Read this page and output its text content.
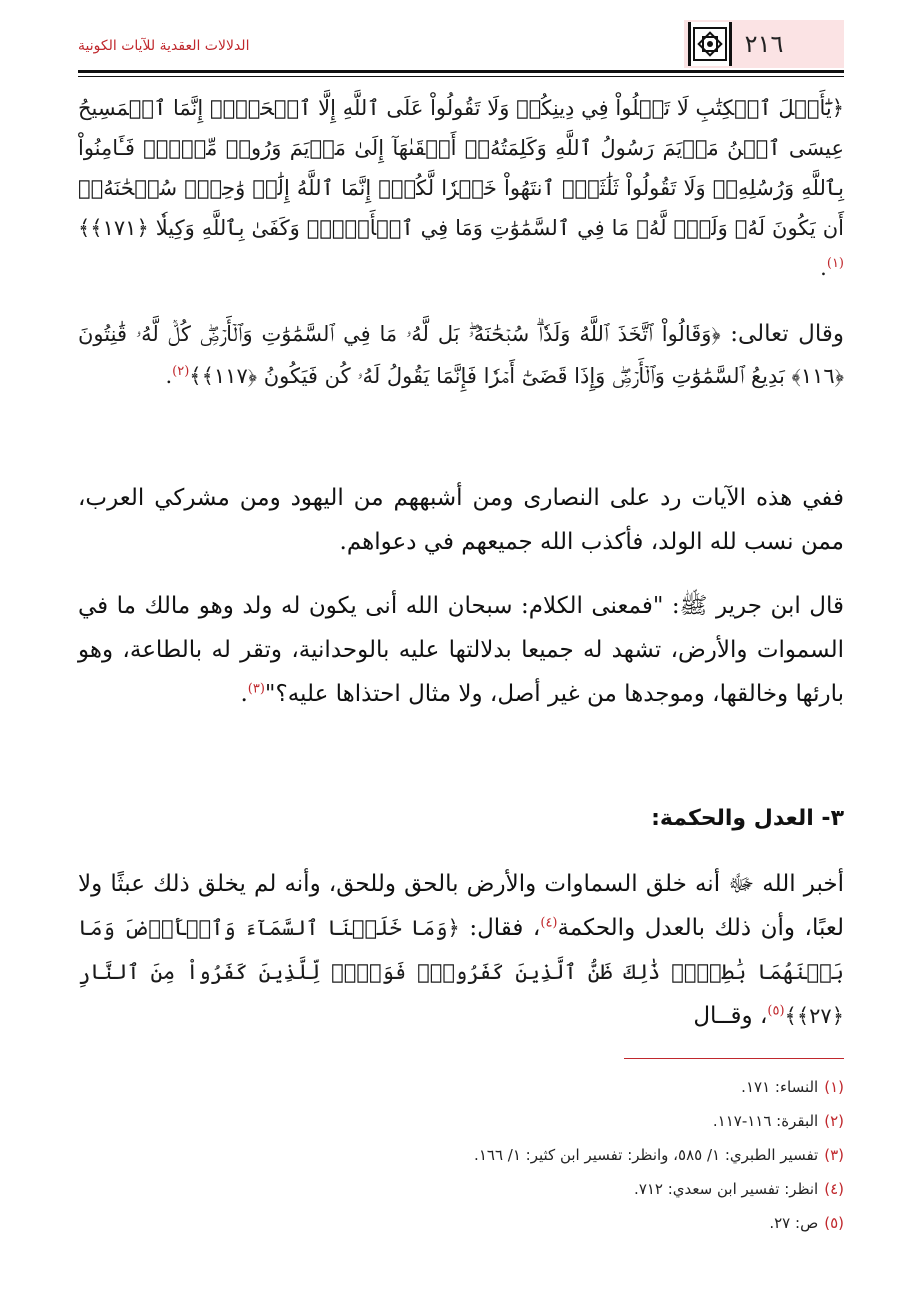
٢١٦
الدلالات العقدية للآيات الكونية
﴿يَٰٓأَهۡلَ ٱلۡكِتَٰبِ لَا تَغۡلُواْ فِي دِينِكُمۡ وَلَا تَقُولُواْ عَلَى ٱللَّهِ إِلَّا ٱلۡحَقَّۚ إِنَّمَا ٱلۡمَسِيحُ عِيسَى ٱبۡنُ مَرۡيَمَ رَسُولُ ٱللَّهِ وَكَلِمَتُهُۥٓ أَلۡقَىٰهَآ إِلَىٰ مَرۡيَمَ وَرُوحٞ مِّنۡهُۖ فَـَٔامِنُواْ بِٱللَّهِ وَرُسُلِهِۦۖ وَلَا تَقُولُواْ ثَلَٰثَةٌۚ ٱنتَهُواْ خَيۡرٗا لَّكُمۡۚ إِنَّمَا ٱللَّهُ إِلَٰهٞ وَٰحِدٞۖ سُبۡحَٰنَهُۥٓ أَن يَكُونَ لَهُۥ وَلَدٞۘ لَّهُۥ مَا فِي ٱلسَّمَٰوَٰتِ وَمَا فِي ٱلۡأَرۡضِۗ وَكَفَىٰ بِٱللَّهِ وَكِيلٗا ﴿١٧١﴾﴾$^{(١)}$.
وقال تعالى: ﴿وَقَالُواْ ٱتَّخَذَ ٱللَّهُ وَلَدٗاۗ سُبۡحَٰنَهُۥۖ بَل لَّهُۥ مَا فِي ٱلسَّمَٰوَٰتِ وَٱلۡأَرۡضِۖ كُلّٞ لَّهُۥ قَٰنِتُونَ ﴿١١٦﴾ بَدِيعُ ٱلسَّمَٰوَٰتِ وَٱلۡأَرۡضِۖ وَإِذَا قَضَىٰٓ أَمۡرٗا فَإِنَّمَا يَقُولُ لَهُۥ كُن فَيَكُونُ ﴿١١٧﴾﴾$^{(٢)}$.
ففي هذه الآيات رد على النصارى ومن أشبههم من اليهود ومن مشركي العرب، ممن نسب لله الولد، فأكذب الله جميعهم في دعواهم.
قال ابن جرير ﷺ: "فمعنى الكلام: سبحان الله أنى يكون له ولد وهو مالك ما في السموات والأرض، تشهد له جميعا بدلالتها عليه بالوحدانية، وتقر له بالطاعة، وهو بارئها وخالقها، وموجدها من غير أصل، ولا مثال احتذاها عليه؟"$^{(٣)}$.
٣- العدل والحكمة:
أخبر الله ﷻ أنه خلق السماوات والأرض بالحق وللحق، وأنه لم يخلق ذلك عبثًا ولا لعبًا، وأن ذلك بالعدل والحكمة$^{(٤)}$، فقال: ﴿وَمَا خَلَقۡنَا ٱلسَّمَآءَ وَٱلۡأَرۡضَ وَمَا بَيۡنَهُمَا بَٰطِلٗاۚ ذَٰلِكَ ظَنُّ ٱلَّذِينَ كَفَرُواْۚ فَوَيۡلٞ لِّلَّذِينَ كَفَرُواْ مِنَ ٱلنَّارِ ﴿٢٧﴾﴾$^{(٥)}$، وقــال
(١)النساء: ١٧١.
(٢)البقرة: ١١٦-١١٧.
(٣)تفسير الطبري: ١/ ٥٨٥، وانظر: تفسير ابن كثير: ١/ ١٦٦.
(٤)انظر: تفسير ابن سعدي: ٧١٢.
(٥)ص: ٢٧.
